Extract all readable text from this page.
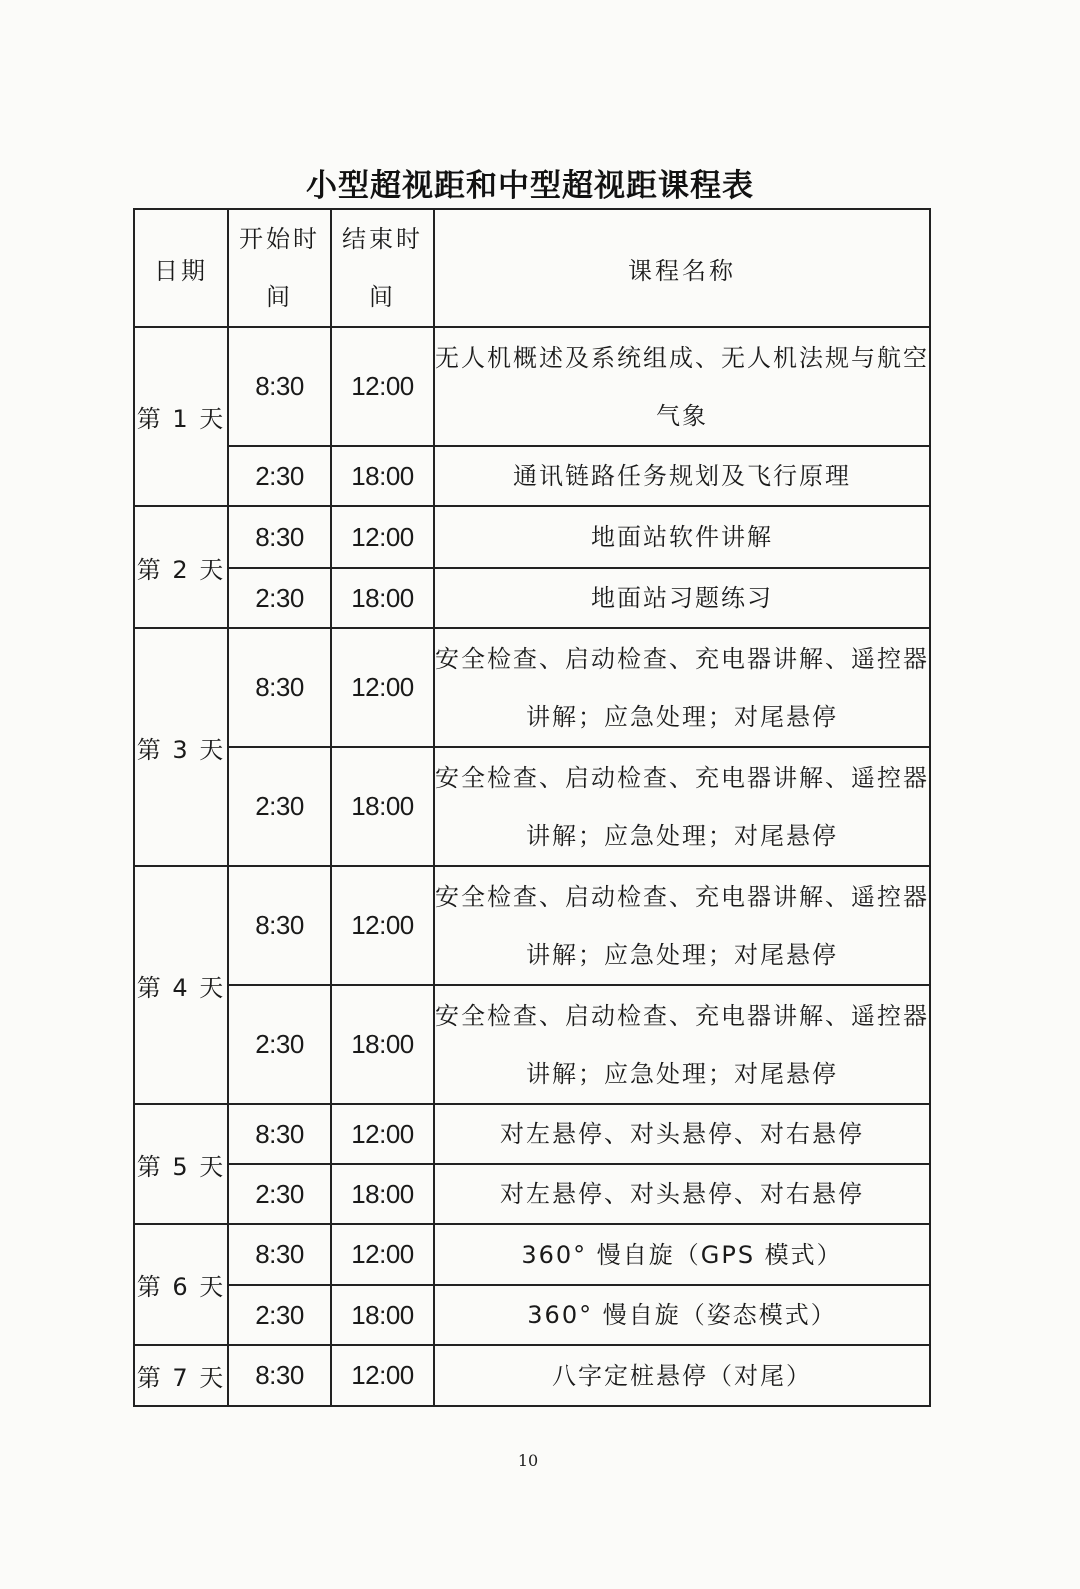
小型超视距和中型超视距课程表
日期	开始时间	结束时间	课程名称
第 1 天	8:30	12:00	无人机概述及系统组成、无人机法规与航空气象
	2:30	18:00	通讯链路任务规划及飞行原理
第 2 天	8:30	12:00	地面站软件讲解
	2:30	18:00	地面站习题练习
第 3 天	8:30	12:00	安全检查、启动检查、充电器讲解、遥控器讲解；应急处理；对尾悬停
	2:30	18:00	安全检查、启动检查、充电器讲解、遥控器讲解；应急处理；对尾悬停
第 4 天	8:30	12:00	安全检查、启动检查、充电器讲解、遥控器讲解；应急处理；对尾悬停
	2:30	18:00	安全检查、启动检查、充电器讲解、遥控器讲解；应急处理；对尾悬停
第 5 天	8:30	12:00	对左悬停、对头悬停、对右悬停
	2:30	18:00	对左悬停、对头悬停、对右悬停
第 6 天	8:30	12:00	360° 慢自旋（GPS 模式）
	2:30	18:00	360° 慢自旋（姿态模式）
第 7 天	8:30	12:00	八字定桩悬停（对尾）
10
